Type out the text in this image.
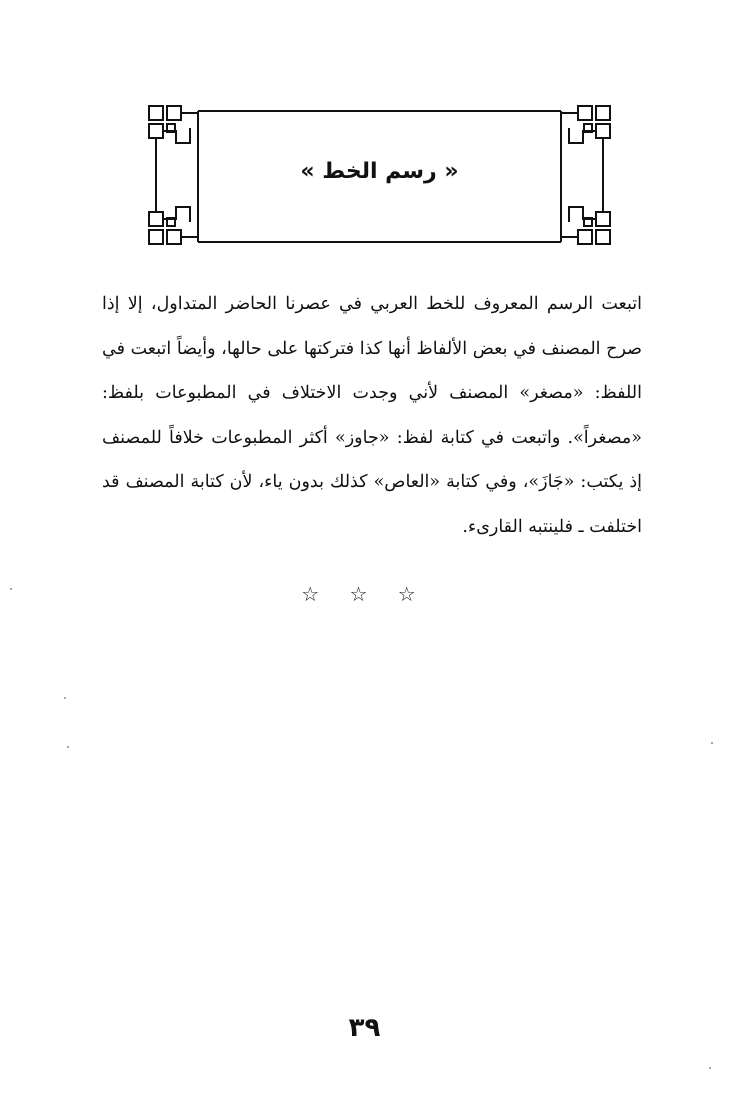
« رسم الخط »
اتبعت الرسم المعروف للخط العربي في عصرنا الحاضر المتداول، إلا إذا صرح المصنف في بعض الألفاظ أنها كذا فتركتها على حالها، وأيضاً اتبعت في اللفظ: «مصغر» المصنف لأني وجدت الاختلاف في المطبوعات بلفظ: «مصغراً». واتبعت في كتابة لفظ: «جاوز» أكثر المطبوعات خلافاً للمصنف إذ يكتب: «جَازَ»، وفي كتابة «العاص» كذلك بدون ياء، لأن كتابة المصنف قد اختلفت ـ فلينتبه القارىء.
☆ ☆ ☆
٣٩
